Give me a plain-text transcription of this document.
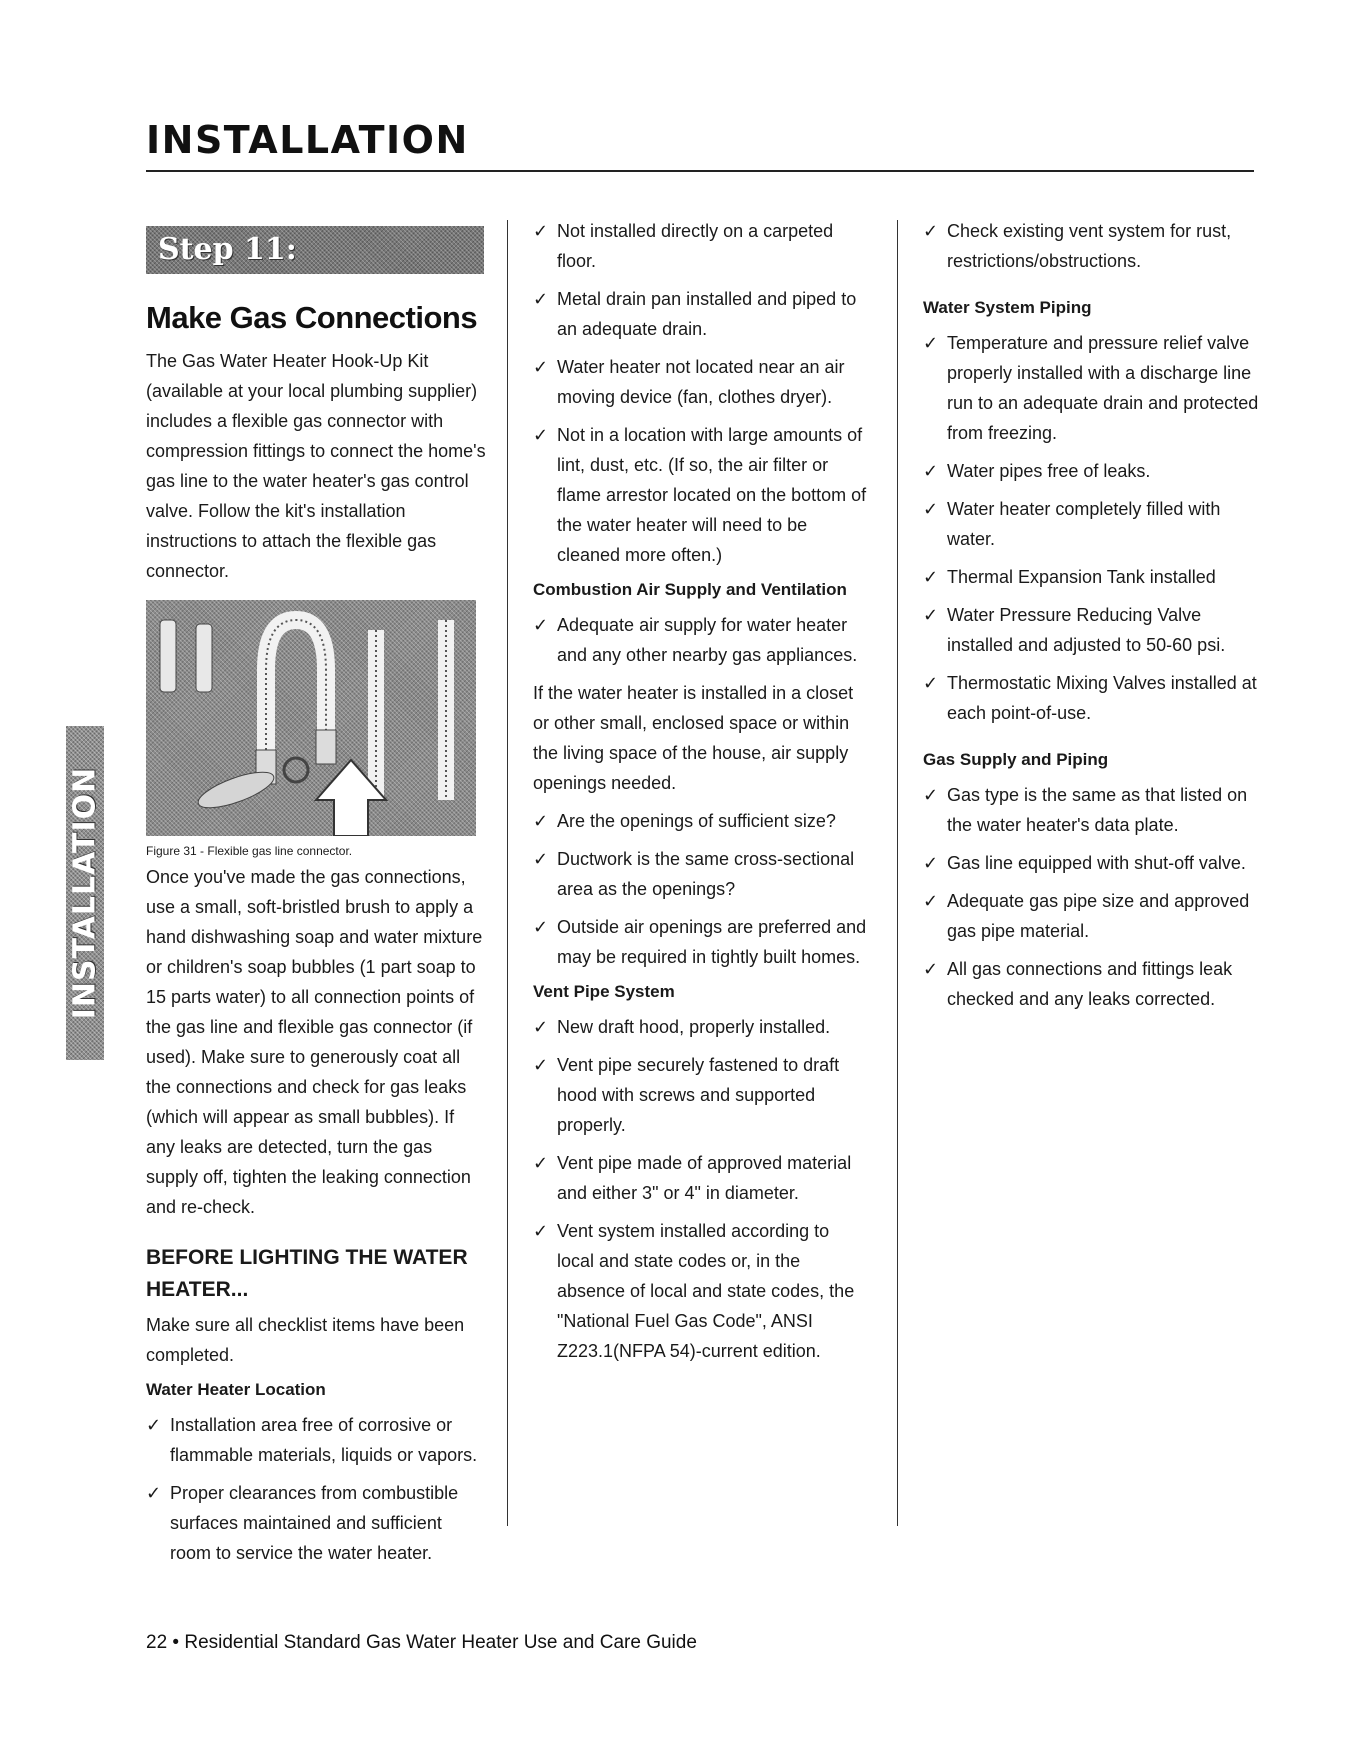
INSTALLATION
INSTALLATION
Step 11:
Make Gas Connections

The Gas Water Heater Hook-Up Kit (available at your local plumbing supplier) includes a flexible gas connector with compression fittings to connect the home's gas line to the water heater's gas control valve. Follow the kit's installation instructions to attach the flexible gas connector.

Figure 31 - Flexible gas line connector.

Once you've made the gas connections, use a small, soft-bristled brush to apply a hand dishwashing soap and water mixture or children's soap bubbles (1 part soap to 15 parts water) to all connection points of the gas line and flexible gas connector (if used). Make sure to generously coat all the connections and check for gas leaks (which will appear as small bubbles). If any leaks are detected, turn the gas supply off, tighten the leaking connection and re-check.

BEFORE LIGHTING THE WATER HEATER...

Make sure all checklist items have been completed.

Water Heater Location
✓ Installation area free of corrosive or flammable materials, liquids or vapors.
✓ Proper clearances from combustible surfaces maintained and sufficient room to service the water heater.
✓ Not installed directly on a carpeted floor.
✓ Metal drain pan installed and piped to an adequate drain.
✓ Water heater not located near an air moving device (fan, clothes dryer).
✓ Not in a location with large amounts of lint, dust, etc. (If so, the air filter or flame arrestor located on the bottom of the water heater will need to be cleaned more often.)
Combustion Air Supply and Ventilation
✓ Adequate air supply for water heater and any other nearby gas appliances.

If the water heater is installed in a closet or other small, enclosed space or within the living space of the house, air supply openings needed.

✓ Are the openings of sufficient size?
✓ Ductwork is the same cross-sectional area as the openings?
✓ Outside air openings are preferred and may be required in tightly built homes.
Vent Pipe System
✓ New draft hood, properly installed.
✓ Vent pipe securely fastened to draft hood with screws and supported properly.
✓ Vent pipe made of approved material and either 3" or 4" in diameter.
✓ Vent system installed according to local and state codes or, in the absence of local and state codes, the "National Fuel Gas Code", ANSI Z223.1(NFPA 54)-current edition.
✓ Check existing vent system for rust, restrictions/obstructions.
Water System Piping
✓ Temperature and pressure relief valve properly installed with a discharge line run to an adequate drain and protected from freezing.
✓ Water pipes free of leaks.
✓ Water heater completely filled with water.
✓ Thermal Expansion Tank installed
✓ Water Pressure Reducing Valve installed and adjusted to 50-60 psi.
✓ Thermostatic Mixing Valves installed at each point-of-use.
Gas Supply and Piping
✓ Gas type is the same as that listed on the water heater's data plate.
✓ Gas line equipped with shut-off valve.
✓ Adequate gas pipe size and approved gas pipe material.
✓ All gas connections and fittings leak checked and any leaks corrected.
22 • Residential Standard Gas Water Heater Use and Care Guide
